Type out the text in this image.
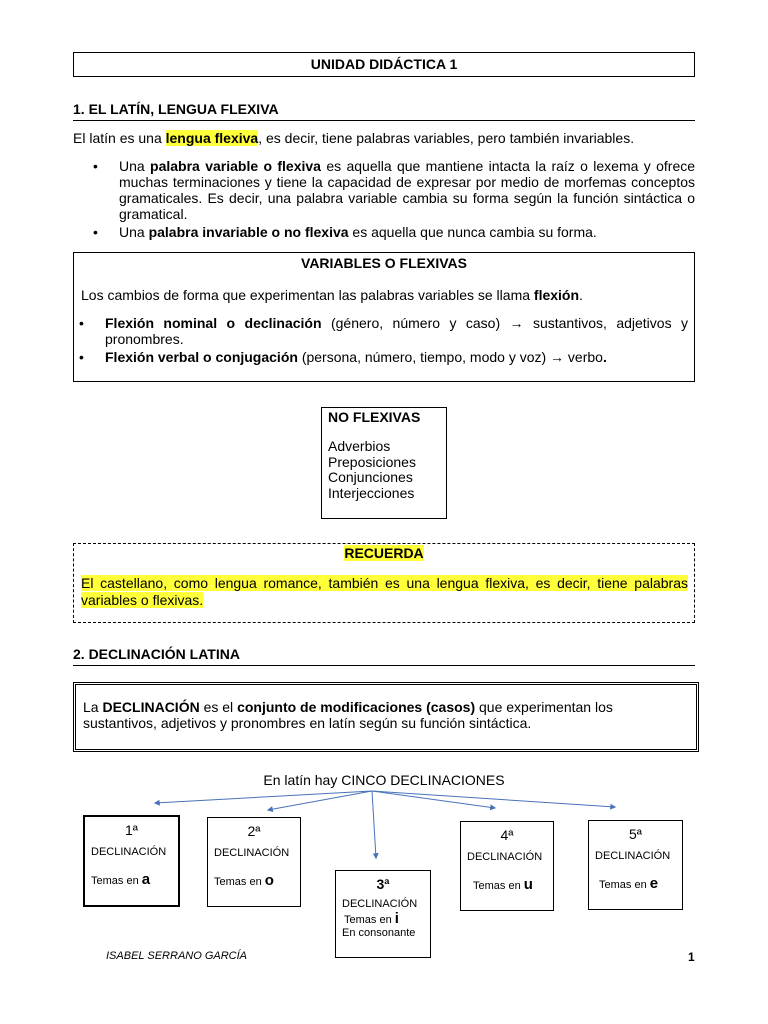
UNIDAD DIDÁCTICA 1
1. EL LATÍN, LENGUA FLEXIVA
El latín es una lengua flexiva, es decir, tiene palabras variables, pero también invariables.
• Una palabra variable o flexiva es aquella que mantiene intacta la raíz o lexema y ofrece muchas terminaciones y tiene la capacidad de expresar por medio de morfemas conceptos gramaticales. Es decir, una palabra variable cambia su forma según la función sintáctica o gramatical.
• Una palabra invariable o no flexiva es aquella que nunca cambia su forma.
VARIABLES O FLEXIVAS
Los cambios de forma que experimentan las palabras variables se llama flexión.
• Flexión nominal o declinación (género, número y caso) → sustantivos, adjetivos y pronombres.
• Flexión verbal o conjugación (persona, número, tiempo, modo y voz) → verbo.
NO FLEXIVAS
Adverbios
Preposiciones
Conjunciones
Interjecciones
RECUERDA
El castellano, como lengua romance, también es una lengua flexiva, es decir, tiene palabras variables o flexivas.
2. DECLINACIÓN LATINA
La DECLINACIÓN es el conjunto de modificaciones (casos) que experimentan los sustantivos, adjetivos y pronombres en latín según su función sintáctica.
En latín hay CINCO DECLINACIONES
1ª
DECLINACIÓN
Temas en a
2ª
DECLINACIÓN
Temas en o	3ª
DECLINACIÓN
Temas en i
En consonante
4ª
DECLINACIÓN
Temas en u
5ª
DECLINACIÓN
Temas en e
ISABEL SERRANO GARCÍA	1
